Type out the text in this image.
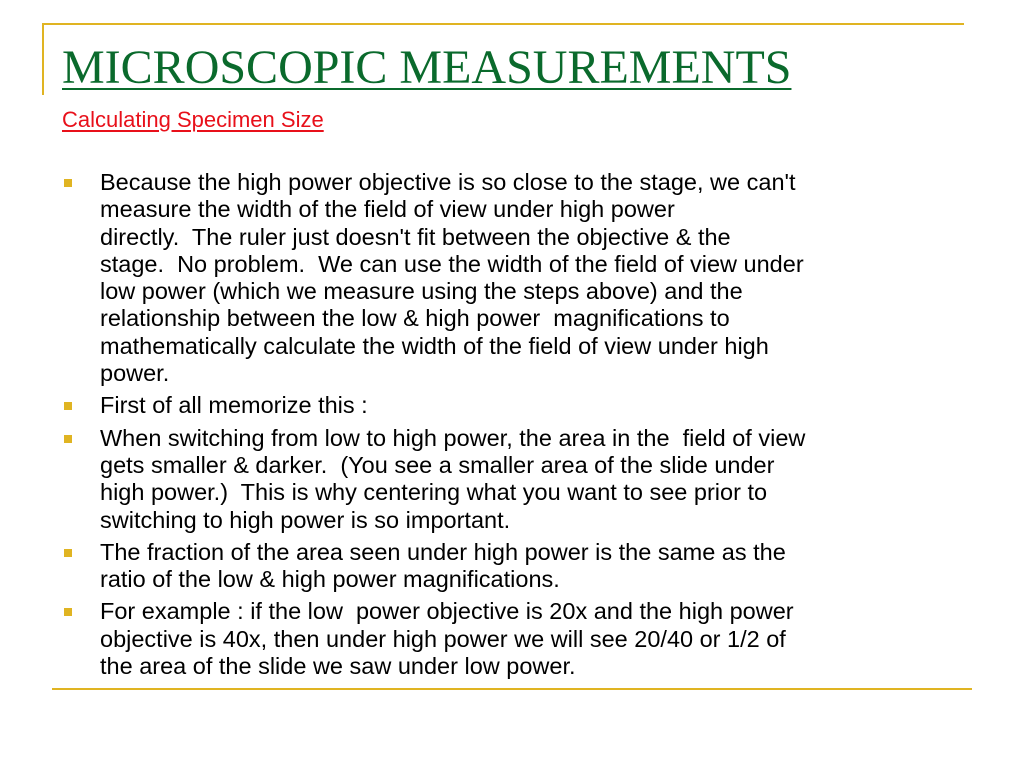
MICROSCOPIC MEASUREMENTS
Calculating Specimen Size
Because the high power objective is so close to the stage, we can't
measure the width of the field of view under high power
directly.  The ruler just doesn't fit between the objective & the
stage.  No problem.  We can use the width of the field of view under
low power (which we measure using the steps above) and the
relationship between the low & high power  magnifications to
mathematically calculate the width of the field of view under high
power.
First of all memorize this :
When switching from low to high power, the area in the  field of view
gets smaller & darker.  (You see a smaller area of the slide under
high power.)  This is why centering what you want to see prior to
switching to high power is so important.
The fraction of the area seen under high power is the same as the
ratio of the low & high power magnifications.
For example : if the low  power objective is 20x and the high power
objective is 40x, then under high power we will see 20/40 or 1/2 of
the area of the slide we saw under low power.
